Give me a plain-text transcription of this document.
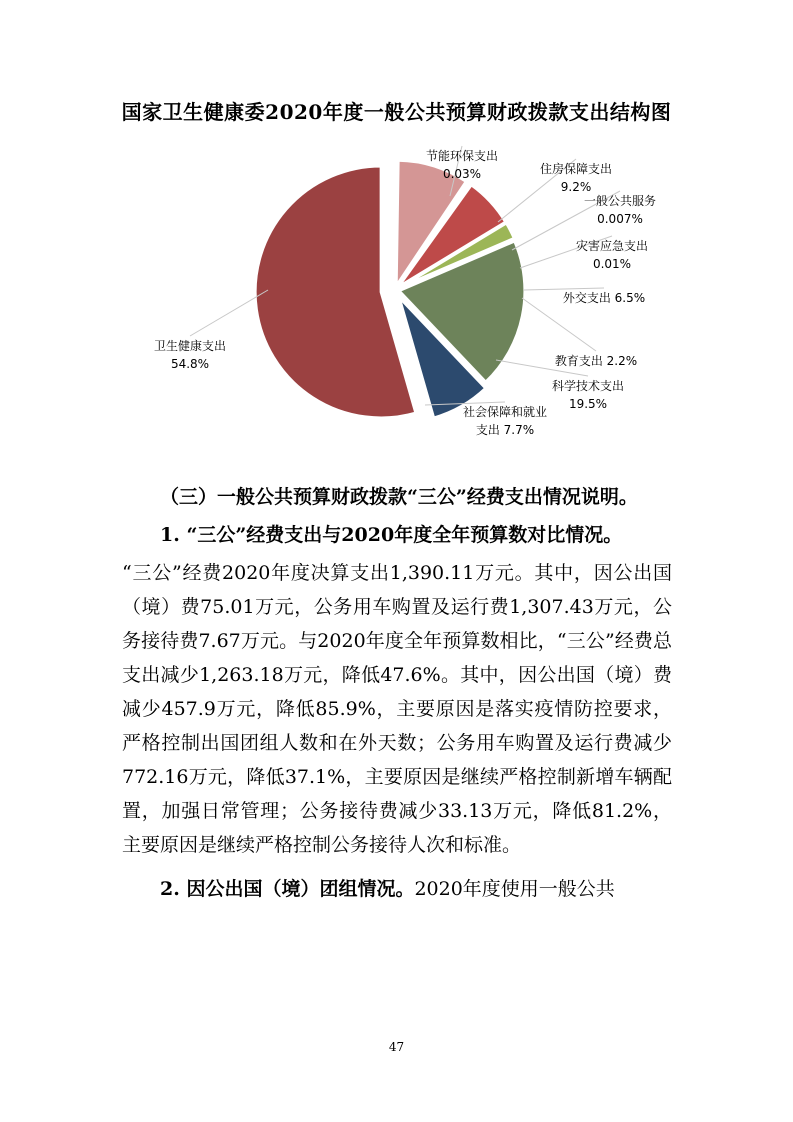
国家卫生健康委2020年度一般公共预算财政拨款支出结构图
卫生健康支出
54.8%
节能环保支出
0.03%	住房保障支出
9.2%
一般公共服务
0.007%
灾害应急支出
0.01%
外交支出 6.5%
教育支出 2.2%
科学技术支出
19.5%
社会保障和就业
支出 7.7%

（三）一般公共预算财政拨款“三公”经费支出情况说明。

1. “三公”经费支出与2020年度全年预算数对比情况。

“三公”经费2020年度决算支出1,390.11万元。其中，因公出国（境）费75.01万元，公务用车购置及运行费1,307.43万元，公务接待费7.67万元。与2020年度全年预算数相比，“三公”经费总支出减少1,263.18万元，降低47.6%。其中，因公出国（境）费减少457.9万元，降低85.9%，主要原因是落实疫情防控要求，严格控制出国团组人数和在外天数；公务用车购置及运行费减少772.16万元，降低37.1%，主要原因是继续严格控制新增车辆配置，加强日常管理；公务接待费减少33.13万元，降低81.2%，主要原因是继续严格控制公务接待人次和标准。

2. 因公出国（境）团组情况。2020年度使用一般公共

47
